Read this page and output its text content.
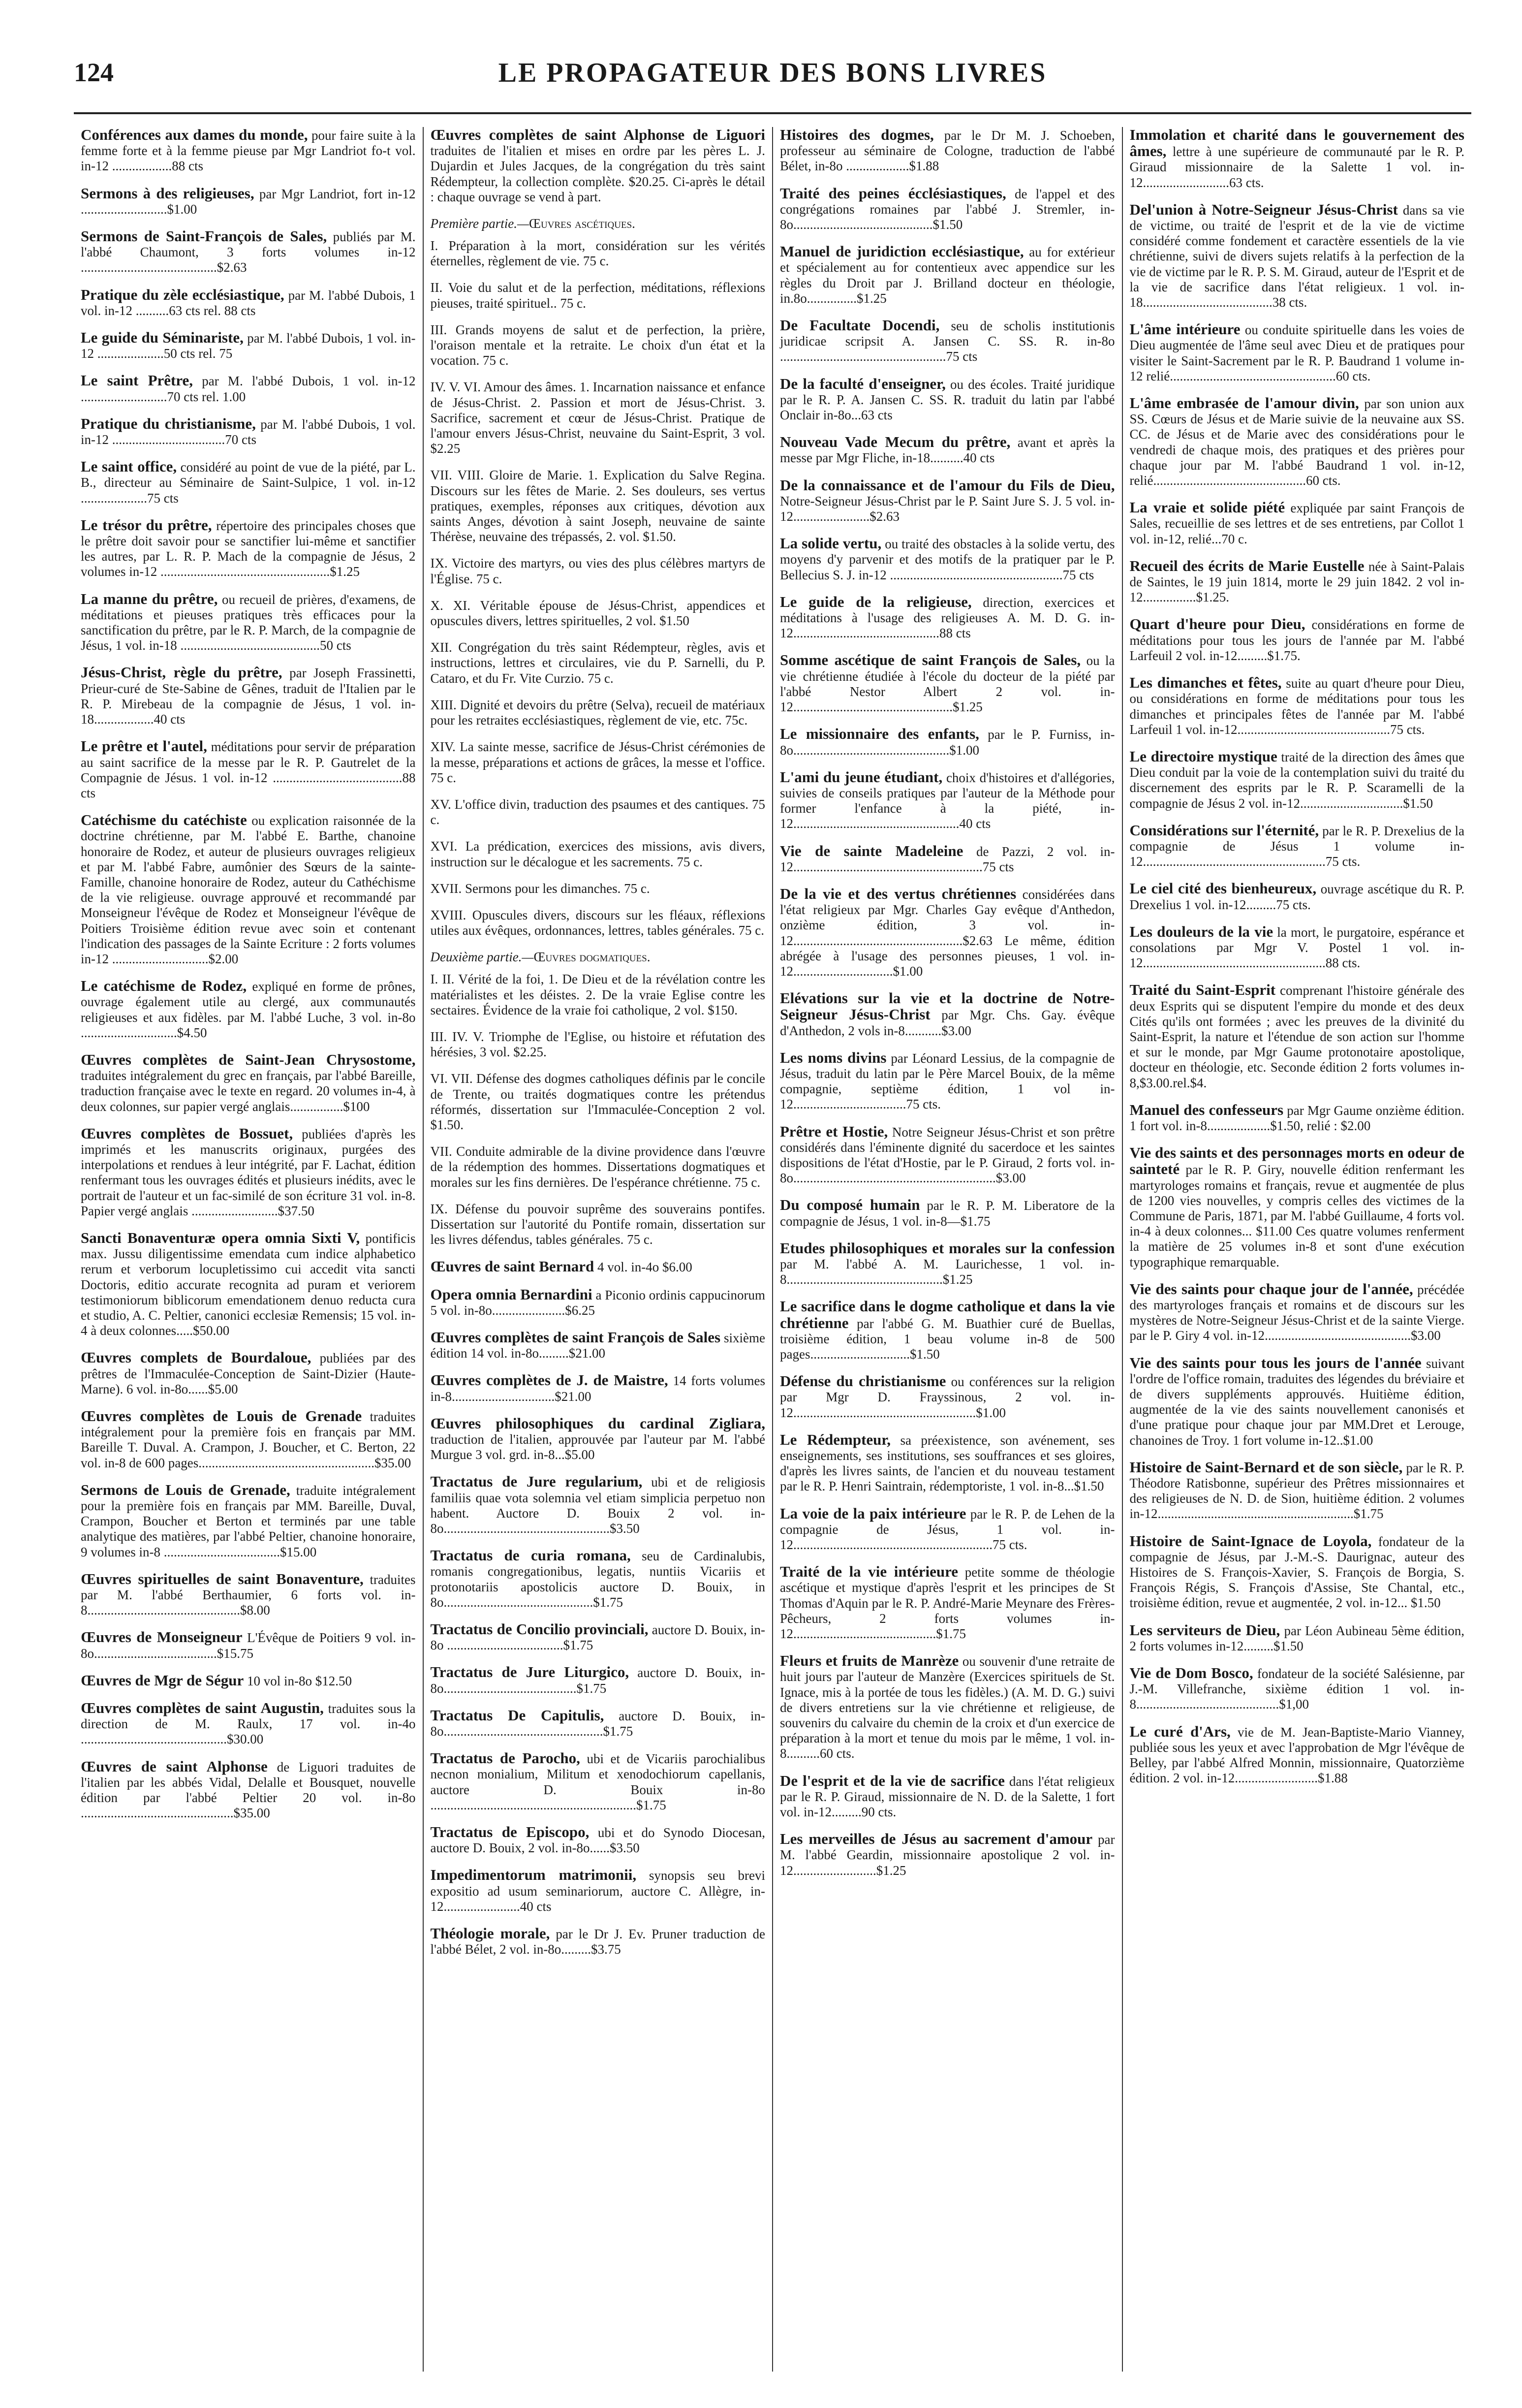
124	LE PROPAGATEUR DES BONS LIVRES

Conférences aux dames du monde, pour faire suite à la femme forte et à la femme pieuse par Mgr Landriot fo-t vol. in-12 ..................88 cts

Sermons à des religieuses, par Mgr Landriot, fort in-12 ..........................$1.00

Sermons de Saint-François de Sales, publiés par M. l'abbé Chaumont, 3 forts volumes in-12 .........................................$2.63

Pratique du zèle ecclésiastique, par M. l'abbé Dubois, 1 vol. in-12 ..........63 cts rel. 88 cts

Le guide du Séminariste, par M. l'abbé Dubois, 1 vol. in-12 ....................50 cts rel. 75

Le saint Prêtre, par M. l'abbé Dubois, 1 vol. in-12 ..........................70 cts rel. 1.00

Pratique du christianisme, par M. l'abbé Dubois, 1 vol. in-12 ..................................70 cts

Le saint office, considéré au point de vue de la piété, par L. B., directeur au Séminaire de Saint-Sulpice, 1 vol. in-12 ....................75 cts

Le trésor du prêtre, répertoire des principales choses que le prêtre doit savoir pour se sanctifier lui-même et sanctifier les autres, par L. R. P. Mach de la compagnie de Jésus, 2 volumes in-12 ...................................................$1.25

La manne du prêtre, ou recueil de prières, d'examens, de méditations et pieuses pratiques très efficaces pour la sanctification du prêtre, par le R. P. March, de la compagnie de Jésus, 1 vol. in-18 ..........................................50 cts

Jésus-Christ, règle du prêtre, par Joseph Frassinetti, Prieur-curé de Ste-Sabine de Gênes, traduit de l'Italien par le R. P. Mirebeau de la compagnie de Jésus, 1 vol. in-18..................40 cts

Le prêtre et l'autel, méditations pour servir de préparation au saint sacrifice de la messe par le R. P. Gautrelet de la Compagnie de Jésus. 1 vol. in-12 .......................................88 cts

Catéchisme du catéchiste ou explication raisonnée de la doctrine chrétienne, par M. l'abbé E. Barthe, chanoine honoraire de Rodez, et auteur de plusieurs ouvrages religieux et par M. l'abbé Fabre, aumônier des Sœurs de la sainte-Famille, chanoine honoraire de Rodez, auteur du Cathéchisme de la vie religieuse. ouvrage approuvé et recommandé par Monseigneur l'évêque de Rodez et Monseigneur l'évêque de Poitiers Troisième édition revue avec soin et contenant l'indication des passages de la Sainte Ecriture : 2 forts volumes in-12 .............................$2.00

Le catéchisme de Rodez, expliqué en forme de prônes, ouvrage également utile au clergé, aux communautés religieuses et aux fidèles. par M. l'abbé Luche, 3 vol. in-8o .............................$4.50

Œuvres complètes de Saint-Jean Chrysostome, traduites intégralement du grec en français, par l'abbé Bareille, traduction française avec le texte en regard. 20 volumes in-4, à deux colonnes, sur papier vergé anglais................$100

Œuvres complètes de Bossuet, publiées d'après les imprimés et les manuscrits originaux, purgées des interpolations et rendues à leur intégrité, par F. Lachat, édition renfermant tous les ouvrages édités et plusieurs inédits, avec le portrait de l'auteur et un fac-similé de son écriture 31 vol. in-8. Papier vergé anglais ..........................$37.50

Sancti Bonaventuræ opera omnia Sixti V, pontificis max. Jussu diligentissime emendata cum indice alphabetico rerum et verborum locupletissimo cui accedit vita sancti Doctoris, editio accurate recognita ad puram et veriorem testimoniorum biblicorum emendationem denuo reducta cura et studio, A. C. Peltier, canonici ecclesiæ Remensis; 15 vol. in-4 à deux colonnes.....$50.00

Œuvres complets de Bourdaloue, publiées par des prêtres de l'Immaculée-Conception de Saint-Dizier (Haute-Marne). 6 vol. in-8o......$5.00

Œuvres complètes de Louis de Grenade traduites intégralement pour la première fois en français par MM. Bareille T. Duval. A. Crampon, J. Boucher, et C. Berton, 22 vol. in-8 de 600 pages.....................................................$35.00

Sermons de Louis de Grenade, traduite intégralement pour la première fois en français par MM. Bareille, Duval, Crampon, Boucher et Berton et terminés par une table analytique des matières, par l'abbé Peltier, chanoine honoraire, 9 volumes in-8 ...................................$15.00

Œuvres spirituelles de saint Bonaventure, traduites par M. l'abbé Berthaumier, 6 forts vol. in-8..............................................$8.00

Œuvres de Monseigneur L'Évêque de Poitiers 9 vol. in-8o.....................................$15.75

Œuvres de Mgr de Ségur 10 vol in-8o $12.50

Œuvres complètes de saint Augustin, traduites sous la direction de M. Raulx, 17 vol. in-4o ............................................$30.00

Œuvres de saint Alphonse de Liguori traduites de l'italien par les abbés Vidal, Delalle et Bousquet, nouvelle édition par l'abbé Peltier 20 vol. in-8o ..............................................$35.00

Œuvres complètes de saint Alphonse de Liguori traduites de l'italien et mises en ordre par les pères L. J. Dujardin et Jules Jacques, de la congrégation du très saint Rédempteur, la collection complète. $20.25. Ci-après le détail : chaque ouvrage se vend à part.

Première partie.—Œuvres ascétiques.

I. Préparation à la mort, considération sur les vérités éternelles, règlement de vie. 75 c.

II. Voie du salut et de la perfection, méditations, réflexions pieuses, traité spirituel.. 75 c.

III. Grands moyens de salut et de perfection, la prière, l'oraison mentale et la retraite. Le choix d'un état et la vocation. 75 c.

IV. V. VI. Amour des âmes. 1. Incarnation naissance et enfance de Jésus-Christ. 2. Passion et mort de Jésus-Christ. 3. Sacrifice, sacrement et cœur de Jésus-Christ. Pratique de l'amour envers Jésus-Christ, neuvaine du Saint-Esprit, 3 vol. $2.25

VII. VIII. Gloire de Marie. 1. Explication du Salve Regina. Discours sur les fêtes de Marie. 2. Ses douleurs, ses vertus pratiques, exemples, réponses aux critiques, dévotion aux saints Anges, dévotion à saint Joseph, neuvaine de sainte Thérèse, neuvaine des trépassés, 2. vol. $1.50.

IX. Victoire des martyrs, ou vies des plus célèbres martyrs de l'Église. 75 c.

X. XI. Véritable épouse de Jésus-Christ, appendices et opuscules divers, lettres spirituelles, 2 vol. $1.50

XII. Congrégation du très saint Rédempteur, règles, avis et instructions, lettres et circulaires, vie du P. Sarnelli, du P. Cataro, et du Fr. Vite Curzio. 75 c.

XIII. Dignité et devoirs du prêtre (Selva), recueil de matériaux pour les retraites ecclésiastiques, règlement de vie, etc. 75c.

XIV. La sainte messe, sacrifice de Jésus-Christ cérémonies de la messe, préparations et actions de grâces, la messe et l'office. 75 c.

XV. L'office divin, traduction des psaumes et des cantiques. 75 c.

XVI. La prédication, exercices des missions, avis divers, instruction sur le décalogue et les sacrements. 75 c.

XVII. Sermons pour les dimanches. 75 c.

XVIII. Opuscules divers, discours sur les fléaux, réflexions utiles aux évêques, ordonnances, lettres, tables générales. 75 c.

Deuxième partie.—Œuvres dogmatiques.

I. II. Vérité de la foi, 1. De Dieu et de la révélation contre les matérialistes et les déistes. 2. De la vraie Eglise contre les sectaires. Évidence de la vraie foi catholique, 2 vol. $150.

III. IV. V. Triomphe de l'Eglise, ou histoire et réfutation des hérésies, 3 vol. $2.25.

VI. VII. Défense des dogmes catholiques définis par le concile de Trente, ou traités dogmatiques contre les prétendus réformés, dissertation sur l'Immaculée-Conception 2 vol. $1.50.

VII. Conduite admirable de la divine providence dans l'œuvre de la rédemption des hommes. Dissertations dogmatiques et morales sur les fins dernières. De l'espérance chrétienne. 75 c.

IX. Défense du pouvoir suprême des souverains pontifes. Dissertation sur l'autorité du Pontife romain, dissertation sur les livres défendus, tables générales. 75 c.

Œuvres de saint Bernard 4 vol. in-4o $6.00

Opera omnia Bernardini a Piconio ordinis cappucinorum 5 vol. in-8o......................$6.25

Œuvres complètes de saint François de Sales sixième édition 14 vol. in-8o.........$21.00

Œuvres complètes de J. de Maistre, 14 forts volumes in-8...............................$21.00

Œuvres philosophiques du cardinal Zigliara, traduction de l'italien, approuvée par l'auteur par M. l'abbé Murgue 3 vol. grd. in-8...$5.00

Tractatus de Jure regularium, ubi et de religiosis familiis quae vota solemnia vel etiam simplicia perpetuo non habent. Auctore D. Bouix 2 vol. in-8o..................................................$3.50

Tractatus de curia romana, seu de Cardinalubis, romanis congregationibus, legatis, nuntiis Vicariis et protonotariis apostolicis auctore D. Bouix, in 8o.............................................$1.75

Tractatus de Concilio provinciali, auctore D. Bouix, in-8o ...................................$1.75

Tractatus de Jure Liturgico, auctore D. Bouix, in-8o........................................$1.75

Tractatus De Capitulis, auctore D. Bouix, in-8o................................................$1.75

Tractatus de Parocho, ubi et de Vicariis parochialibus necnon monialium, Militum et xenodochiorum capellanis, auctore D. Bouix in-8o ..............................................................$1.75

Tractatus de Episcopo, ubi et do Synodo Diocesan, auctore D. Bouix, 2 vol. in-8o......$3.50

Impedimentorum matrimonii, synopsis seu brevi expositio ad usum seminariorum, auctore C. Allègre, in-12.......................40 cts

Théologie morale, par le Dr J. Ev. Pruner traduction de l'abbé Bélet, 2 vol. in-8o.........$3.75

Histoires des dogmes, par le Dr M. J. Schoeben, professeur au séminaire de Cologne, traduction de l'abbé Bélet, in-8o ...................$1.88

Traité des peines écclésiastiques, de l'appel et des congrégations romaines par l'abbé J. Stremler, in-8o..........................................$1.50

Manuel de juridiction ecclésiastique, au for extérieur et spécialement au for contentieux avec appendice sur les règles du Droit par J. Brilland docteur en théologie, in.8o...............$1.25

De Facultate Docendi, seu de scholis institutionis juridicae scripsit A. Jansen C. SS. R. in-8o ..................................................75 cts

De la faculté d'enseigner, ou des écoles. Traité juridique par le R. P. A. Jansen C. SS. R. traduit du latin par l'abbé Onclair in-8o...63 cts

Nouveau Vade Mecum du prêtre, avant et après la messe par Mgr Fliche, in-18..........40 cts

De la connaissance et de l'amour du Fils de Dieu, Notre-Seigneur Jésus-Christ par le P. Saint Jure S. J. 5 vol. in-12.......................$2.63

La solide vertu, ou traité des obstacles à la solide vertu, des moyens d'y parvenir et des motifs de la pratiquer par le P. Bellecius S. J. in-12 ....................................................75 cts

Le guide de la religieuse, direction, exercices et méditations à l'usage des religieuses A. M. D. G. in-12............................................88 cts

Somme ascétique de saint François de Sales, ou la vie chrétienne étudiée à l'école du docteur de la piété par l'abbé Nestor Albert 2 vol. in-12................................................$1.25

Le missionnaire des enfants, par le P. Furniss, in-8o...............................................$1.00

L'ami du jeune étudiant, choix d'histoires et d'allégories, suivies de conseils pratiques par l'auteur de la Méthode pour former l'enfance à la piété, in-12..................................................40 cts

Vie de sainte Madeleine de Pazzi, 2 vol. in-12.........................................................75 cts

De la vie et des vertus chrétiennes considérées dans l'état religieux par Mgr. Charles Gay evêque d'Anthedon, onzième édition, 3 vol. in-12...................................................$2.63 Le même, édition abrégée à l'usage des personnes pieuses, 1 vol. in-12..............................$1.00

Elévations sur la vie et la doctrine de Notre-Seigneur Jésus-Christ par Mgr. Chs. Gay. évêque d'Anthedon, 2 vols in-8...........$3.00

Les noms divins par Léonard Lessius, de la compagnie de Jésus, traduit du latin par le Père Marcel Bouix, de la même compagnie, septième édition, 1 vol in-12..................................75 cts.

Prêtre et Hostie, Notre Seigneur Jésus-Christ et son prêtre considérés dans l'éminente dignité du sacerdoce et les saintes dispositions de l'état d'Hostie, par le P. Giraud, 2 forts vol. in-8o.............................................................$3.00

Du composé humain par le R. P. M. Liberatore de la compagnie de Jésus, 1 vol. in-8—$1.75

Etudes philosophiques et morales sur la confession par M. l'abbé A. M. Laurichesse, 1 vol. in-8...............................................$1.25

Le sacrifice dans le dogme catholique et dans la vie chrétienne par l'abbé G. M. Buathier curé de Buellas, troisième édition, 1 beau volume in-8 de 500 pages..............................$1.50

Défense du christianisme ou conférences sur la religion par Mgr D. Frayssinous, 2 vol. in-12.......................................................$1.00

Le Rédempteur, sa préexistence, son avénement, ses enseignements, ses institutions, ses souffrances et ses gloires, d'après les livres saints, de l'ancien et du nouveau testament par le R. P. Henri Saintrain, rédemptoriste, 1 vol. in-8...$1.50

La voie de la paix intérieure par le R. P. de Lehen de la compagnie de Jésus, 1 vol. in-12............................................................75 cts.

Traité de la vie intérieure petite somme de théologie ascétique et mystique d'après l'esprit et les principes de St Thomas d'Aquin par le R. P. André-Marie Meynare des Frères-Pêcheurs, 2 forts volumes in-12...........................................$1.75

Fleurs et fruits de Manrèze ou souvenir d'une retraite de huit jours par l'auteur de Manzère (Exercices spirituels de St. Ignace, mis à la portée de tous les fidèles.) (A. M. D. G.) suivi de divers entretiens sur la vie chrétienne et religieuse, de souvenirs du calvaire du chemin de la croix et d'un exercice de préparation à la mort et tenue du mois par le même, 1 vol. in-8..........60 cts.

De l'esprit et de la vie de sacrifice dans l'état religieux par le R. P. Giraud, missionnaire de N. D. de la Salette, 1 fort vol. in-12.........90 cts.

Les merveilles de Jésus au sacrement d'amour par M. l'abbé Geardin, missionnaire apostolique 2 vol. in-12.........................$1.25

Immolation et charité dans le gouvernement des âmes, lettre à une supérieure de communauté par le R. P. Giraud missionnaire de la Salette 1 vol. in-12..........................63 cts.

Del'union à Notre-Seigneur Jésus-Christ dans sa vie de victime, ou traité de l'esprit et de la vie de victime considéré comme fondement et caractère essentiels de la vie chrétienne, suivi de divers sujets relatifs à la perfection de la vie de victime par le R. P. S. M. Giraud, auteur de l'Esprit et de la vie de sacrifice dans l'état religieux. 1 vol. in-18.......................................38 cts.

L'âme intérieure ou conduite spirituelle dans les voies de Dieu augmentée de l'âme seul avec Dieu et de pratiques pour visiter le Saint-Sacrement par le R. P. Baudrand 1 volume in-12 relié..................................................60 cts.

L'âme embrasée de l'amour divin, par son union aux SS. Cœurs de Jésus et de Marie suivie de la neuvaine aux SS. CC. de Jésus et de Marie avec des considérations pour le vendredi de chaque mois, des pratiques et des prières pour chaque jour par M. l'abbé Baudrand 1 vol. in-12, relié..............................................60 cts.

La vraie et solide piété expliquée par saint François de Sales, recueillie de ses lettres et de ses entretiens, par Collot 1 vol. in-12, relié...70 c.

Recueil des écrits de Marie Eustelle née à Saint-Palais de Saintes, le 19 juin 1814, morte le 29 juin 1842. 2 vol in-12................$1.25.

Quart d'heure pour Dieu, considérations en forme de méditations pour tous les jours de l'année par M. l'abbé Larfeuil 2 vol. in-12.........$1.75.

Les dimanches et fêtes, suite au quart d'heure pour Dieu, ou considérations en forme de méditations pour tous les dimanches et principales fêtes de l'année par M. l'abbé Larfeuil 1 vol. in-12..............................................75 cts.

Le directoire mystique traité de la direction des âmes que Dieu conduit par la voie de la contemplation suivi du traité du discernement des esprits par le R. P. Scaramelli de la compagnie de Jésus 2 vol. in-12...............................$1.50

Considérations sur l'éternité, par le R. P. Drexelius de la compagnie de Jésus 1 volume in-12.......................................................75 cts.

Le ciel cité des bienheureux, ouvrage ascétique du R. P. Drexelius 1 vol. in-12.........75 cts.

Les douleurs de la vie la mort, le purgatoire, espérance et consolations par Mgr V. Postel 1 vol. in-12.......................................................88 cts.

Traité du Saint-Esprit comprenant l'histoire générale des deux Esprits qui se disputent l'empire du monde et des deux Cités qu'ils ont formées ; avec les preuves de la divinité du Saint-Esprit, la nature et l'étendue de son action sur l'homme et sur le monde, par Mgr Gaume protonotaire apostolique, docteur en théologie, etc. Seconde édition 2 forts volumes in-8,$3.00.rel.$4.

Manuel des confesseurs par Mgr Gaume onzième édition. 1 fort vol. in-8...................$1.50, relié : $2.00

Vie des saints et des personnages morts en odeur de sainteté par le R. P. Giry, nouvelle édition renfermant les martyrologes romains et français, revue et augmentée de plus de 1200 vies nouvelles, y compris celles des victimes de la Commune de Paris, 1871, par M. l'abbé Guillaume, 4 forts vol. in-4 à deux colonnes... $11.00 Ces quatre volumes renferment la matière de 25 volumes in-8 et sont d'une exécution typographique remarquable.

Vie des saints pour chaque jour de l'année, précédée des martyrologes français et romains et de discours sur les mystères de Notre-Seigneur Jésus-Christ et de la sainte Vierge. par le P. Giry 4 vol. in-12............................................$3.00

Vie des saints pour tous les jours de l'année suivant l'ordre de l'office romain, traduites des légendes du bréviaire et de divers suppléments approuvés. Huitième édition, augmentée de la vie des saints nouvellement canonisés et d'une pratique pour chaque jour par MM.Dret et Lerouge, chanoines de Troy. 1 fort volume in-12..$1.00

Histoire de Saint-Bernard et de son siècle, par le R. P. Théodore Ratisbonne, supérieur des Prêtres missionnaires et des religieuses de N. D. de Sion, huitième édition. 2 volumes in-12...........................................................$1.75

Histoire de Saint-Ignace de Loyola, fondateur de la compagnie de Jésus, par J.-M.-S. Daurignac, auteur des Histoires de S. François-Xavier, S. François de Borgia, S. François Régis, S. François d'Assise, Ste Chantal, etc., troisième édition, revue et augmentée, 2 vol. in-12... $1.50

Les serviteurs de Dieu, par Léon Aubineau 5ème édition, 2 forts volumes in-12.........$1.50

Vie de Dom Bosco, fondateur de la société Salésienne, par J.-M. Villefranche, sixième édition 1 vol. in-8...........................................$1,00

Le curé d'Ars, vie de M. Jean-Baptiste-Mario Vianney, publiée sous les yeux et avec l'approbation de Mgr l'évêque de Belley, par l'abbé Alfred Monnin, missionnaire, Quatorzième édition. 2 vol. in-12.........................$1.88
